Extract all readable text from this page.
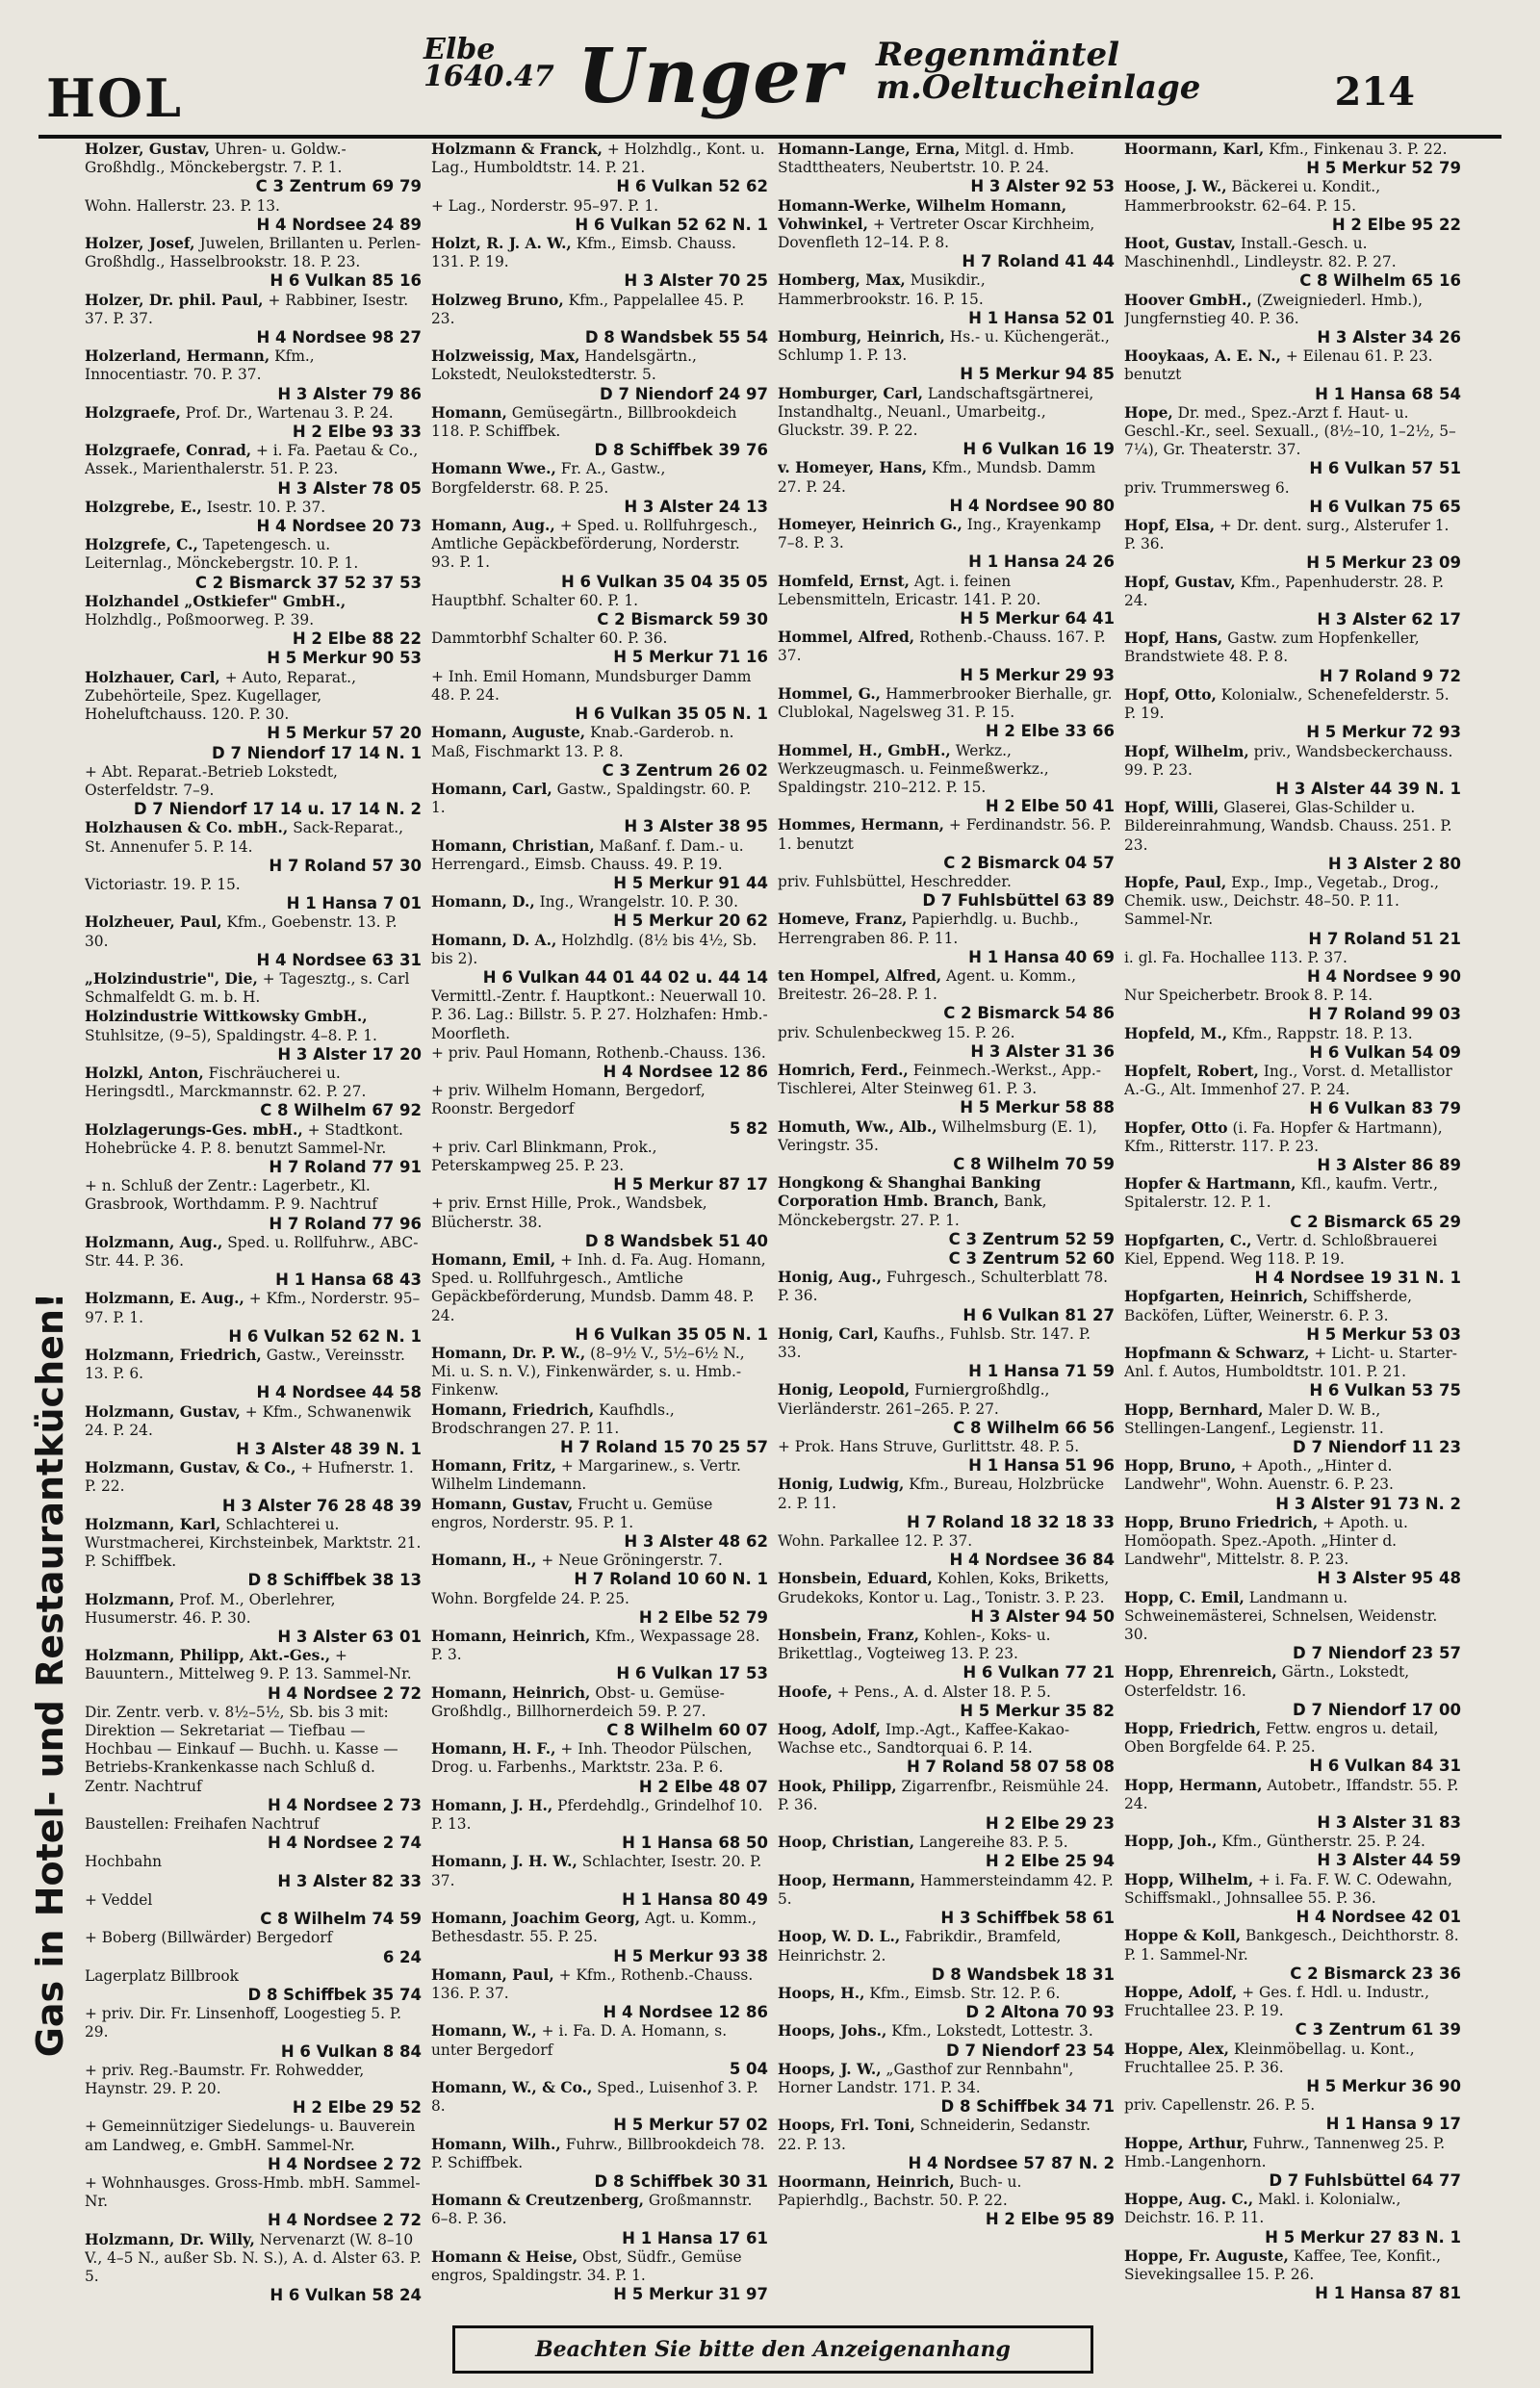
HOL
Elbe
1640.47 Unger Regenmäntel
m.Oeltucheinlage	214
Gas in Hotel- und Restaurantküchen!
Holzer, Gustav, Uhren- u. Goldw.-Großhdlg., Mönckebergstr. 7. P. 1.
C 3 Zentrum 69 79
Wohn. Hallerstr. 23. P. 13.
H 4 Nordsee 24 89
Holzer, Josef, Juwelen, Brillanten u. Perlen- Großhdlg., Hasselbrookstr. 18. P. 23.
H 6 Vulkan 85 16
Holzer, Dr. phil. Paul, + Rabbiner, Isestr. 37. P. 37.
H 4 Nordsee 98 27
Holzerland, Hermann, Kfm., Innocentiastr. 70. P. 37.
H 3 Alster 79 86
Holzgraefe, Prof. Dr., Wartenau 3. P. 24.
H 2 Elbe 93 33
Holzgraefe, Conrad, + i. Fa. Paetau & Co., Assek., Marienthalerstr. 51. P. 23.
H 3 Alster 78 05
Holzgrebe, E., Isestr. 10. P. 37.
H 4 Nordsee 20 73
Holzgrefe, C., Tapetengesch. u. Leiternlag., Mönckebergstr. 10. P. 1.
C 2 Bismarck 37 52 37 53
Holzhandel „Ostkiefer" GmbH., Holzhdlg., Poßmoorweg. P. 39.
H 2 Elbe 88 22
H 5 Merkur 90 53
Holzhauer, Carl, + Auto, Reparat., Zubehörteile, Spez. Kugellager, Hoheluftchauss. 120. P. 30.
H 5 Merkur 57 20
D 7 Niendorf 17 14 N. 1
+ Abt. Reparat.-Betrieb Lokstedt, Osterfeldstr. 7–9.
D 7 Niendorf 17 14 u. 17 14 N. 2
Holzhausen & Co. mbH., Sack-Reparat., St. Annenufer 5. P. 14.
H 7 Roland 57 30
Victoriastr. 19. P. 15.
H 1 Hansa 7 01
Holzheuer, Paul, Kfm., Goebenstr. 13. P. 30.
H 4 Nordsee 63 31
„Holzindustrie", Die, + Tagesztg., s. Carl Schmalfeldt G. m. b. H.
Holzindustrie Wittkowsky GmbH., Stuhlsitze, (9–5), Spaldingstr. 4–8. P. 1.
H 3 Alster 17 20
Holzkl, Anton, Fischräucherei u. Heringsdtl., Marckmannstr. 62. P. 27.
C 8 Wilhelm 67 92
Holzlagerungs-Ges. mbH., + Stadtkont. Hohebrücke 4. P. 8. benutzt Sammel-Nr.
H 7 Roland 77 91
+ n. Schluß der Zentr.: Lagerbetr., Kl. Grasbrook, Worthdamm. P. 9. Nachtruf
H 7 Roland 77 96
Holzmann, Aug., Sped. u. Rollfuhrw., ABC-Str. 44. P. 36.
H 1 Hansa 68 43
Holzmann, E. Aug., + Kfm., Norderstr. 95–97. P. 1.
H 6 Vulkan 52 62 N. 1
Holzmann, Friedrich, Gastw., Vereinsstr. 13. P. 6.
H 4 Nordsee 44 58
Holzmann, Gustav, + Kfm., Schwanenwik 24. P. 24.
H 3 Alster 48 39 N. 1
Holzmann, Gustav, & Co., + Hufnerstr. 1. P. 22.
H 3 Alster 76 28 48 39
Holzmann, Karl, Schlachterei u. Wurstmacherei, Kirchsteinbek, Marktstr. 21. P. Schiffbek.
D 8 Schiffbek 38 13
Holzmann, Prof. M., Oberlehrer, Husumerstr. 46. P. 30.
H 3 Alster 63 01
Holzmann, Philipp, Akt.-Ges., + Bauuntern., Mittelweg 9. P. 13. Sammel-Nr.
H 4 Nordsee 2 72
Dir. Zentr. verb. v. 8½–5½, Sb. bis 3 mit: Direktion — Sekretariat — Tiefbau — Hochbau — Einkauf — Buchh. u. Kasse — Betriebs-Krankenkasse nach Schluß d. Zentr. Nachtruf
H 4 Nordsee 2 73
Baustellen: Freihafen Nachtruf
H 4 Nordsee 2 74
Hochbahn
H 3 Alster 82 33
+ Veddel
C 8 Wilhelm 74 59
+ Boberg (Billwärder) Bergedorf
6 24
Lagerplatz Billbrook
D 8 Schiffbek 35 74
+ priv. Dir. Fr. Linsenhoff, Loogestieg 5. P. 29.
H 6 Vulkan 8 84
+ priv. Reg.-Baumstr. Fr. Rohwedder, Haynstr. 29. P. 20.
H 2 Elbe 29 52
+ Gemeinnütziger Siedelungs- u. Bauverein am Landweg, e. GmbH. Sammel-Nr.
H 4 Nordsee 2 72
+ Wohnhausges. Gross-Hmb. mbH. Sammel-Nr.
H 4 Nordsee 2 72
Holzmann, Dr. Willy, Nervenarzt (W. 8–10 V., 4–5 N., außer Sb. N. S.), A. d. Alster 63. P. 5.
H 6 Vulkan 58 24
Holzmann & Franck, + Holzhdlg., Kont. u. Lag., Humboldtstr. 14. P. 21.
H 6 Vulkan 52 62
+ Lag., Norderstr. 95–97. P. 1.
H 6 Vulkan 52 62 N. 1
Holzt, R. J. A. W., Kfm., Eimsb. Chauss. 131. P. 19.
H 3 Alster 70 25
Holzweg Bruno, Kfm., Pappelallee 45. P. 23.
D 8 Wandsbek 55 54
Holzweissig, Max, Handelsgärtn., Lokstedt, Neulokstedterstr. 5.
D 7 Niendorf 24 97
Homann, Gemüsegärtn., Billbrookdeich 118. P. Schiffbek.
D 8 Schiffbek 39 76
Homann Wwe., Fr. A., Gastw., Borgfelderstr. 68. P. 25.
H 3 Alster 24 13
Homann, Aug., + Sped. u. Rollfuhrgesch., Amtliche Gepäckbeförderung, Norderstr. 93. P. 1.
H 6 Vulkan 35 04 35 05
Hauptbhf. Schalter 60. P. 1.
C 2 Bismarck 59 30
Dammtorbhf Schalter 60. P. 36.
H 5 Merkur 71 16
+ Inh. Emil Homann, Mundsburger Damm 48. P. 24.
H 6 Vulkan 35 05 N. 1
Homann, Auguste, Knab.-Garderob. n. Maß, Fischmarkt 13. P. 8.
C 3 Zentrum 26 02
Homann, Carl, Gastw., Spaldingstr. 60. P. 1.
H 3 Alster 38 95
Homann, Christian, Maßanf. f. Dam.- u. Herrengard., Eimsb. Chauss. 49. P. 19.
H 5 Merkur 91 44
Homann, D., Ing., Wrangelstr. 10. P. 30.
H 5 Merkur 20 62
Homann, D. A., Holzhdlg. (8½ bis 4½, Sb. bis 2).
H 6 Vulkan 44 01 44 02 u. 44 14
Vermittl.-Zentr. f. Hauptkont.: Neuerwall 10. P. 36. Lag.: Billstr. 5. P. 27. Holzhafen: Hmb.-Moorfleth.
+ priv. Paul Homann, Rothenb.-Chauss. 136.
H 4 Nordsee 12 86
+ priv. Wilhelm Homann, Bergedorf, Roonstr. Bergedorf
5 82
+ priv. Carl Blinkmann, Prok., Peterskampweg 25. P. 23.
H 5 Merkur 87 17
+ priv. Ernst Hille, Prok., Wandsbek, Blücherstr. 38.
D 8 Wandsbek 51 40
Homann, Emil, + Inh. d. Fa. Aug. Homann, Sped. u. Rollfuhrgesch., Amtliche Gepäckbeförderung, Mundsb. Damm 48. P. 24.
H 6 Vulkan 35 05 N. 1
Homann, Dr. P. W., (8–9½ V., 5½–6½ N., Mi. u. S. n. V.), Finkenwärder, s. u. Hmb.-Finkenw.
Homann, Friedrich, Kaufhdls., Brodschrangen 27. P. 11.
H 7 Roland 15 70 25 57
Homann, Fritz, + Margarinew., s. Vertr. Wilhelm Lindemann.
Homann, Gustav, Frucht u. Gemüse engros, Norderstr. 95. P. 1.
H 3 Alster 48 62
Homann, H., + Neue Gröningerstr. 7.
H 7 Roland 10 60 N. 1
Wohn. Borgfelde 24. P. 25.
H 2 Elbe 52 79
Homann, Heinrich, Kfm., Wexpassage 28. P. 3.
H 6 Vulkan 17 53
Homann, Heinrich, Obst- u. Gemüse-Großhdlg., Billhornerdeich 59. P. 27.
C 8 Wilhelm 60 07
Homann, H. F., + Inh. Theodor Pülschen, Drog. u. Farbenhs., Marktstr. 23a. P. 6.
H 2 Elbe 48 07
Homann, J. H., Pferdehdlg., Grindelhof 10. P. 13.
H 1 Hansa 68 50
Homann, J. H. W., Schlachter, Isestr. 20. P. 37.
H 1 Hansa 80 49
Homann, Joachim Georg, Agt. u. Komm., Bethesdastr. 55. P. 25.
H 5 Merkur 93 38
Homann, Paul, + Kfm., Rothenb.-Chauss. 136. P. 37.
H 4 Nordsee 12 86
Homann, W., + i. Fa. D. A. Homann, s. unter Bergedorf
5 04
Homann, W., & Co., Sped., Luisenhof 3. P. 8.
H 5 Merkur 57 02
Homann, Wilh., Fuhrw., Billbrookdeich 78. P. Schiffbek.
D 8 Schiffbek 30 31
Homann & Creutzenberg, Großmannstr. 6–8. P. 36.
H 1 Hansa 17 61
Homann & Heise, Obst, Südfr., Gemüse engros, Spaldingstr. 34. P. 1.
H 5 Merkur 31 97
Homann-Lange, Erna, Mitgl. d. Hmb. Stadttheaters, Neubertstr. 10. P. 24.
H 3 Alster 92 53
Homann-Werke, Wilhelm Homann, Vohwinkel, + Vertreter Oscar Kirchheim, Dovenfleth 12–14. P. 8.
H 7 Roland 41 44
Homberg, Max, Musikdir., Hammerbrookstr. 16. P. 15.
H 1 Hansa 52 01
Homburg, Heinrich, Hs.- u. Küchengerät., Schlump 1. P. 13.
H 5 Merkur 94 85
Homburger, Carl, Landschaftsgärtnerei, Instandhaltg., Neuanl., Umarbeitg., Gluckstr. 39. P. 22.
H 6 Vulkan 16 19
v. Homeyer, Hans, Kfm., Mundsb. Damm 27. P. 24.
H 4 Nordsee 90 80
Homeyer, Heinrich G., Ing., Krayenkamp 7–8. P. 3.
H 1 Hansa 24 26
Homfeld, Ernst, Agt. i. feinen Lebensmitteln, Ericastr. 141. P. 20.
H 5 Merkur 64 41
Hommel, Alfred, Rothenb.-Chauss. 167. P. 37.
H 5 Merkur 29 93
Hommel, G., Hammerbrooker Bierhalle, gr. Clublokal, Nagelsweg 31. P. 15.
H 2 Elbe 33 66
Hommel, H., GmbH., Werkz., Werkzeugmasch. u. Feinmeßwerkz., Spaldingstr. 210–212. P. 15.
H 2 Elbe 50 41
Hommes, Hermann, + Ferdinandstr. 56. P. 1. benutzt
C 2 Bismarck 04 57
priv. Fuhlsbüttel, Heschredder.
D 7 Fuhlsbüttel 63 89
Homeve, Franz, Papierhdlg. u. Buchb., Herrengraben 86. P. 11.
H 1 Hansa 40 69
ten Hompel, Alfred, Agent. u. Komm., Breitestr. 26–28. P. 1.
C 2 Bismarck 54 86
priv. Schulenbeckweg 15. P. 26.
H 3 Alster 31 36
Homrich, Ferd., Feinmech.-Werkst., App.-Tischlerei, Alter Steinweg 61. P. 3.
H 5 Merkur 58 88
Homuth, Ww., Alb., Wilhelmsburg (E. 1), Veringstr. 35.
C 8 Wilhelm 70 59
Hongkong & Shanghai Banking Corporation Hmb. Branch, Bank, Mönckebergstr. 27. P. 1.
C 3 Zentrum 52 59
C 3 Zentrum 52 60
Honig, Aug., Fuhrgesch., Schulterblatt 78. P. 36.
H 6 Vulkan 81 27
Honig, Carl, Kaufhs., Fuhlsb. Str. 147. P. 33.
H 1 Hansa 71 59
Honig, Leopold, Furniergroßhdlg., Vierländerstr. 261–265. P. 27.
C 8 Wilhelm 66 56
+ Prok. Hans Struve, Gurlittstr. 48. P. 5.
H 1 Hansa 51 96
Honig, Ludwig, Kfm., Bureau, Holzbrücke 2. P. 11.
H 7 Roland 18 32 18 33
Wohn. Parkallee 12. P. 37.
H 4 Nordsee 36 84
Honsbein, Eduard, Kohlen, Koks, Briketts, Grudekoks, Kontor u. Lag., Tonistr. 3. P. 23.
H 3 Alster 94 50
Honsbein, Franz, Kohlen-, Koks- u. Brikettlag., Vogteiweg 13. P. 23.
H 6 Vulkan 77 21
Hoofe, + Pens., A. d. Alster 18. P. 5.
H 5 Merkur 35 82
Hoog, Adolf, Imp.-Agt., Kaffee-Kakao-Wachse etc., Sandtorquai 6. P. 14.
H 7 Roland 58 07 58 08
Hook, Philipp, Zigarrenfbr., Reismühle 24. P. 36.
H 2 Elbe 29 23
Hoop, Christian, Langereihe 83. P. 5.
H 2 Elbe 25 94
Hoop, Hermann, Hammersteindamm 42. P. 5.
H 3 Schiffbek 58 61
Hoop, W. D. L., Fabrikdir., Bramfeld, Heinrichstr. 2.
D 8 Wandsbek 18 31
Hoops, H., Kfm., Eimsb. Str. 12. P. 6.
D 2 Altona 70 93
Hoops, Johs., Kfm., Lokstedt, Lottestr. 3.
D 7 Niendorf 23 54
Hoops, J. W., „Gasthof zur Rennbahn", Horner Landstr. 171. P. 34.
D 8 Schiffbek 34 71
Hoops, Frl. Toni, Schneiderin, Sedanstr. 22. P. 13.
H 4 Nordsee 57 87 N. 2
Hoormann, Heinrich, Buch- u. Papierhdlg., Bachstr. 50. P. 22.
H 2 Elbe 95 89
Hoormann, Karl, Kfm., Finkenau 3. P. 22.
H 5 Merkur 52 79
Hoose, J. W., Bäckerei u. Kondit., Hammerbrookstr. 62–64. P. 15.
H 2 Elbe 95 22
Hoot, Gustav, Install.-Gesch. u. Maschinenhdl., Lindleystr. 82. P. 27.
C 8 Wilhelm 65 16
Hoover GmbH., (Zweigniederl. Hmb.), Jungfernstieg 40. P. 36.
H 3 Alster 34 26
Hooykaas, A. E. N., + Eilenau 61. P. 23. benutzt
H 1 Hansa 68 54
Hope, Dr. med., Spez.-Arzt f. Haut- u. Geschl.-Kr., seel. Sexuall., (8½–10, 1–2½, 5–7¼), Gr. Theaterstr. 37.
H 6 Vulkan 57 51
priv. Trummersweg 6.
H 6 Vulkan 75 65
Hopf, Elsa, + Dr. dent. surg., Alsterufer 1. P. 36.
H 5 Merkur 23 09
Hopf, Gustav, Kfm., Papenhuderstr. 28. P. 24.
H 3 Alster 62 17
Hopf, Hans, Gastw. zum Hopfenkeller, Brandstwiete 48. P. 8.
H 7 Roland 9 72
Hopf, Otto, Kolonialw., Schenefelderstr. 5. P. 19.
H 5 Merkur 72 93
Hopf, Wilhelm, priv., Wandsbeckerchauss. 99. P. 23.
H 3 Alster 44 39 N. 1
Hopf, Willi, Glaserei, Glas-Schilder u. Bildereinrahmung, Wandsb. Chauss. 251. P. 23.
H 3 Alster 2 80
Hopfe, Paul, Exp., Imp., Vegetab., Drog., Chemik. usw., Deichstr. 48–50. P. 11. Sammel-Nr.
H 7 Roland 51 21
i. gl. Fa. Hochallee 113. P. 37.
H 4 Nordsee 9 90
Nur Speicherbetr. Brook 8. P. 14.
H 7 Roland 99 03
Hopfeld, M., Kfm., Rappstr. 18. P. 13.
H 6 Vulkan 54 09
Hopfelt, Robert, Ing., Vorst. d. Metallistor A.-G., Alt. Immenhof 27. P. 24.
H 6 Vulkan 83 79
Hopfer, Otto (i. Fa. Hopfer & Hartmann), Kfm., Ritterstr. 117. P. 23.
H 3 Alster 86 89
Hopfer & Hartmann, Kfl., kaufm. Vertr., Spitalerstr. 12. P. 1.
C 2 Bismarck 65 29
Hopfgarten, C., Vertr. d. Schloßbrauerei Kiel, Eppend. Weg 118. P. 19.
H 4 Nordsee 19 31 N. 1
Hopfgarten, Heinrich, Schiffsherde, Backöfen, Lüfter, Weinerstr. 6. P. 3.
H 5 Merkur 53 03
Hopfmann & Schwarz, + Licht- u. Starter-Anl. f. Autos, Humboldtstr. 101. P. 21.
H 6 Vulkan 53 75
Hopp, Bernhard, Maler D. W. B., Stellingen-Langenf., Legienstr. 11.
D 7 Niendorf 11 23
Hopp, Bruno, + Apoth., „Hinter d. Landwehr", Wohn. Auenstr. 6. P. 23.
H 3 Alster 91 73 N. 2
Hopp, Bruno Friedrich, + Apoth. u. Homöopath. Spez.-Apoth. „Hinter d. Landwehr", Mittelstr. 8. P. 23.
H 3 Alster 95 48
Hopp, C. Emil, Landmann u. Schweinemästerei, Schnelsen, Weidenstr. 30.
D 7 Niendorf 23 57
Hopp, Ehrenreich, Gärtn., Lokstedt, Osterfeldstr. 16.
D 7 Niendorf 17 00
Hopp, Friedrich, Fettw. engros u. detail, Oben Borgfelde 64. P. 25.
H 6 Vulkan 84 31
Hopp, Hermann, Autobetr., Iffandstr. 55. P. 24.
H 3 Alster 31 83
Hopp, Joh., Kfm., Güntherstr. 25. P. 24.
H 3 Alster 44 59
Hopp, Wilhelm, + i. Fa. F. W. C. Odewahn, Schiffsmakl., Johnsallee 55. P. 36.
H 4 Nordsee 42 01
Hoppe & Koll, Bankgesch., Deichthorstr. 8. P. 1. Sammel-Nr.
C 2 Bismarck 23 36
Hoppe, Adolf, + Ges. f. Hdl. u. Industr., Fruchtallee 23. P. 19.
C 3 Zentrum 61 39
Hoppe, Alex, Kleinmöbellag. u. Kont., Fruchtallee 25. P. 36.
H 5 Merkur 36 90
priv. Capellenstr. 26. P. 5.
H 1 Hansa 9 17
Hoppe, Arthur, Fuhrw., Tannenweg 25. P. Hmb.-Langenhorn.
D 7 Fuhlsbüttel 64 77
Hoppe, Aug. C., Makl. i. Kolonialw., Deichstr. 16. P. 11.
H 5 Merkur 27 83 N. 1
Hoppe, Fr. Auguste, Kaffee, Tee, Konfit., Sievekingsallee 15. P. 26.
H 1 Hansa 87 81
Beachten Sie bitte den Anzeigenanhang
